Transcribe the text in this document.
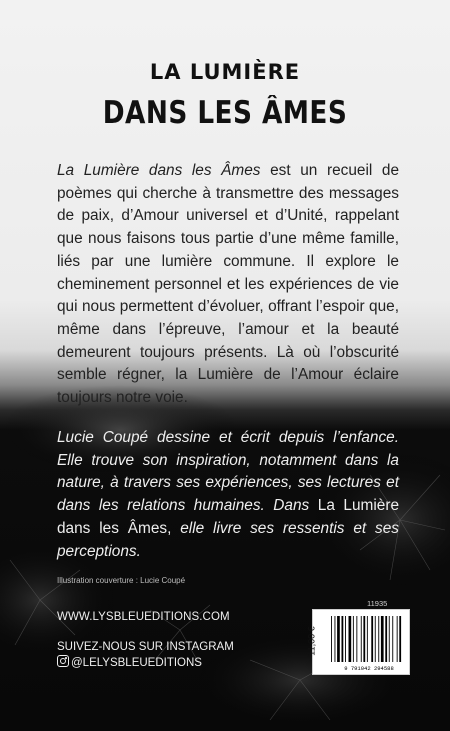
LA LUMIÈRE
DANS LES ÂMES
La Lumière dans les Âmes est un recueil de poèmes qui cherche à transmettre des messages de paix, d’Amour universel et d’Unité, rappelant que nous faisons tous partie d’une même famille, liés par une lumière commune. Il explore le cheminement personnel et les expériences de vie qui nous permettent d’évoluer, offrant l’espoir que, même dans l’épreuve, l’amour et la beauté demeurent toujours présents. Là où l’obscurité semble régner, la Lumière de l’Amour éclaire toujours notre voie.
Lucie Coupé dessine et écrit depuis l’enfance. Elle trouve son inspiration, notamment dans la nature, à travers ses expériences, ses lectures et dans les relations humaines. Dans La Lumière dans les Âmes, elle livre ses ressentis et ses perceptions.
Illustration couverture : Lucie Coupé
WWW.LYSBLEUEDITIONS.COM
SUIVEZ-NOUS SUR INSTAGRAM
@LELYSBLEUEDITIONS
11935
11,00 €
9 791042 294588
